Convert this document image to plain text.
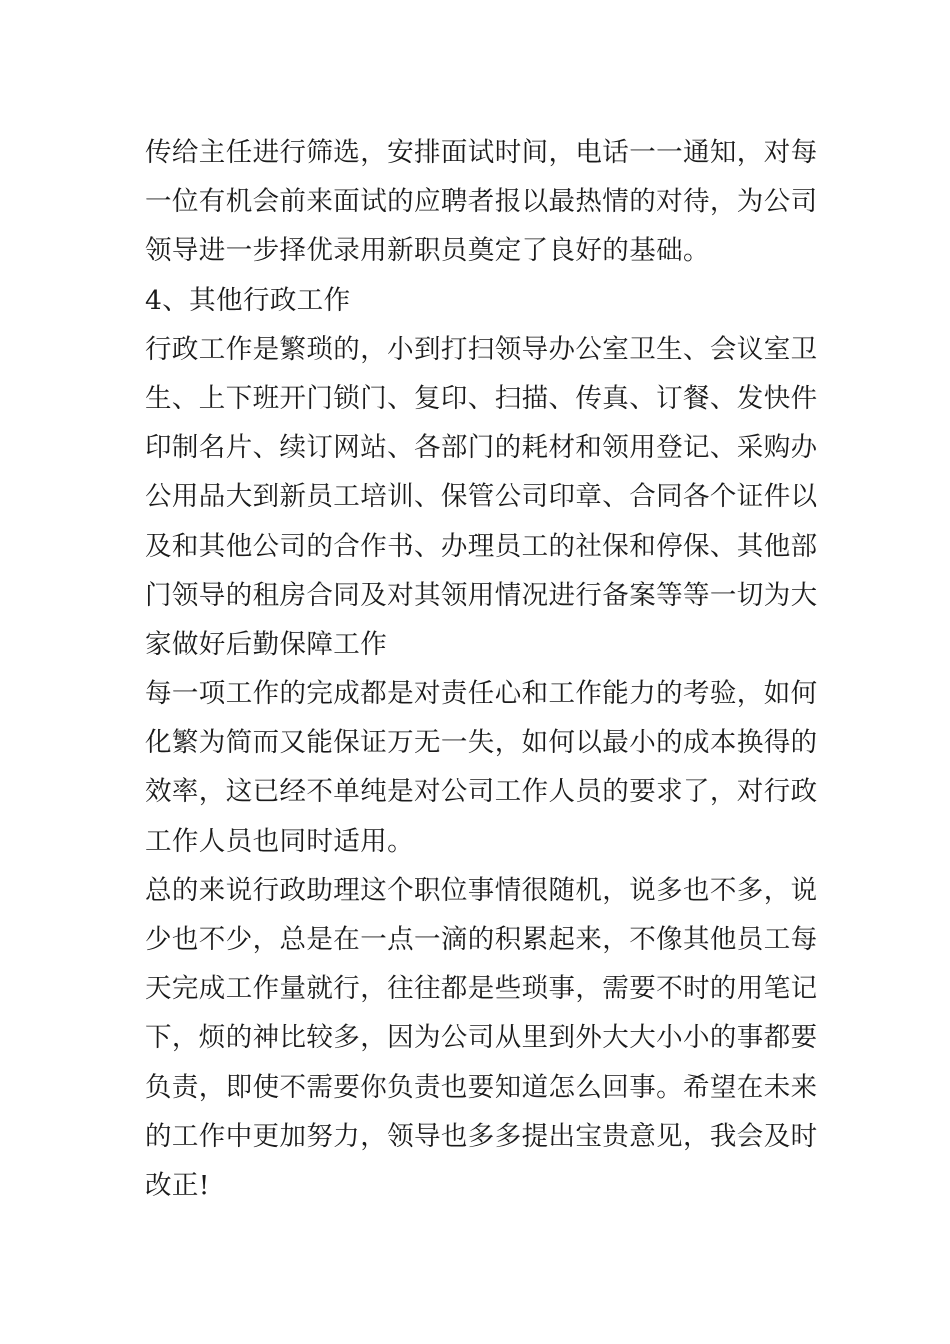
传给主任进行筛选，安排面试时间，电话一一通知，对每
一位有机会前来面试的应聘者报以最热情的对待，为公司
领导进一步择优录用新职员奠定了良好的基础。
4、其他行政工作
行政工作是繁琐的，小到打扫领导办公室卫生、会议室卫
生、上下班开门锁门、复印、扫描、传真、订餐、发快件
印制名片、续订网站、各部门的耗材和领用登记、采购办
公用品大到新员工培训、保管公司印章、合同各个证件以
及和其他公司的合作书、办理员工的社保和停保、其他部
门领导的租房合同及对其领用情况进行备案等等一切为大
家做好后勤保障工作
每一项工作的完成都是对责任心和工作能力的考验，如何
化繁为简而又能保证万无一失，如何以最小的成本换得的
效率，这已经不单纯是对公司工作人员的要求了，对行政
工作人员也同时适用。
总的来说行政助理这个职位事情很随机，说多也不多，说
少也不少，总是在一点一滴的积累起来，不像其他员工每
天完成工作量就行，往往都是些琐事，需要不时的用笔记
下，烦的神比较多，因为公司从里到外大大小小的事都要
负责，即使不需要你负责也要知道怎么回事。希望在未来
的工作中更加努力，领导也多多提出宝贵意见，我会及时
改正!
